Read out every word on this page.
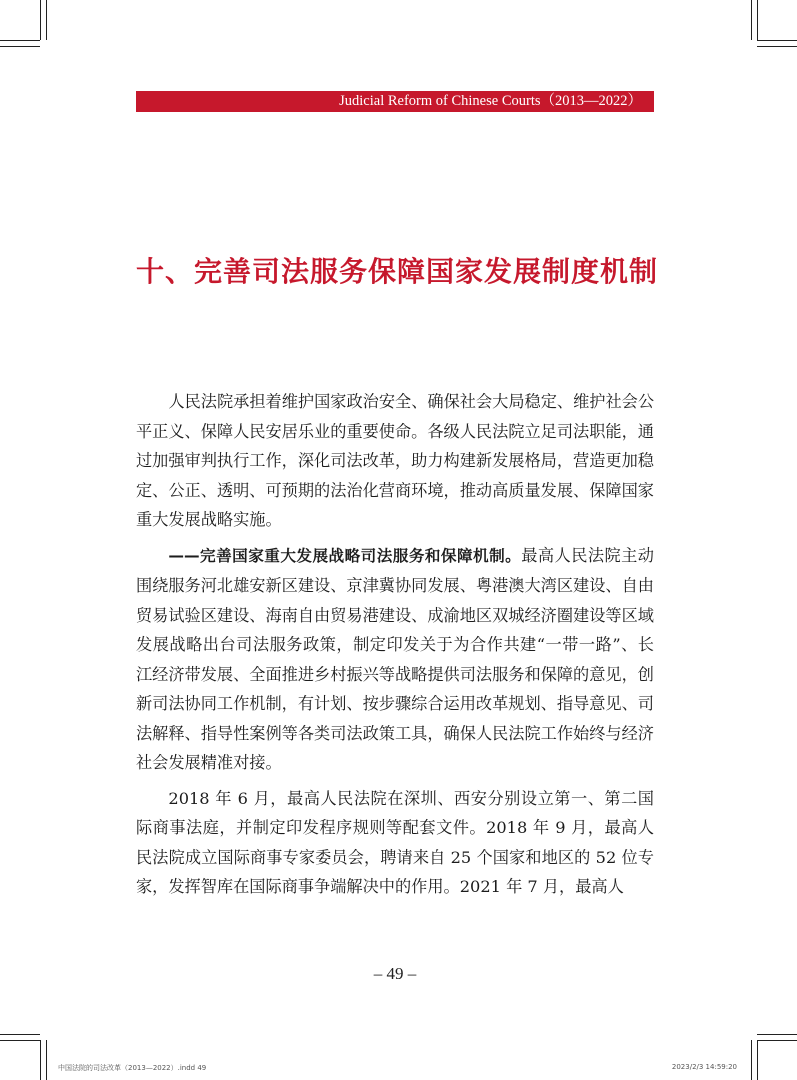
Judicial Reform of Chinese Courts（2013—2022）
十、完善司法服务保障国家发展制度机制

人民法院承担着维护国家政治安全、确保社会大局稳定、维护社会公平正义、保障人民安居乐业的重要使命。各级人民法院立足司法职能，通过加强审判执行工作，深化司法改革，助力构建新发展格局，营造更加稳定、公正、透明、可预期的法治化营商环境，推动高质量发展、保障国家重大发展战略实施。

——完善国家重大发展战略司法服务和保障机制。最高人民法院主动围绕服务河北雄安新区建设、京津冀协同发展、粤港澳大湾区建设、自由贸易试验区建设、海南自由贸易港建设、成渝地区双城经济圈建设等区域发展战略出台司法服务政策，制定印发关于为合作共建“一带一路”、长江经济带发展、全面推进乡村振兴等战略提供司法服务和保障的意见，创新司法协同工作机制，有计划、按步骤综合运用改革规划、指导意见、司法解释、指导性案例等各类司法政策工具，确保人民法院工作始终与经济社会发展精准对接。

2018 年 6 月，最高人民法院在深圳、西安分别设立第一、第二国际商事法庭，并制定印发程序规则等配套文件。2018 年 9 月，最高人民法院成立国际商事专家委员会，聘请来自 25 个国家和地区的 52 位专家，发挥智库在国际商事争端解决中的作用。2021 年 7 月，最高人

– 49 –
中国法院的司法改革（2013—2022）.indd 49	2023/2/3 14:59:20
